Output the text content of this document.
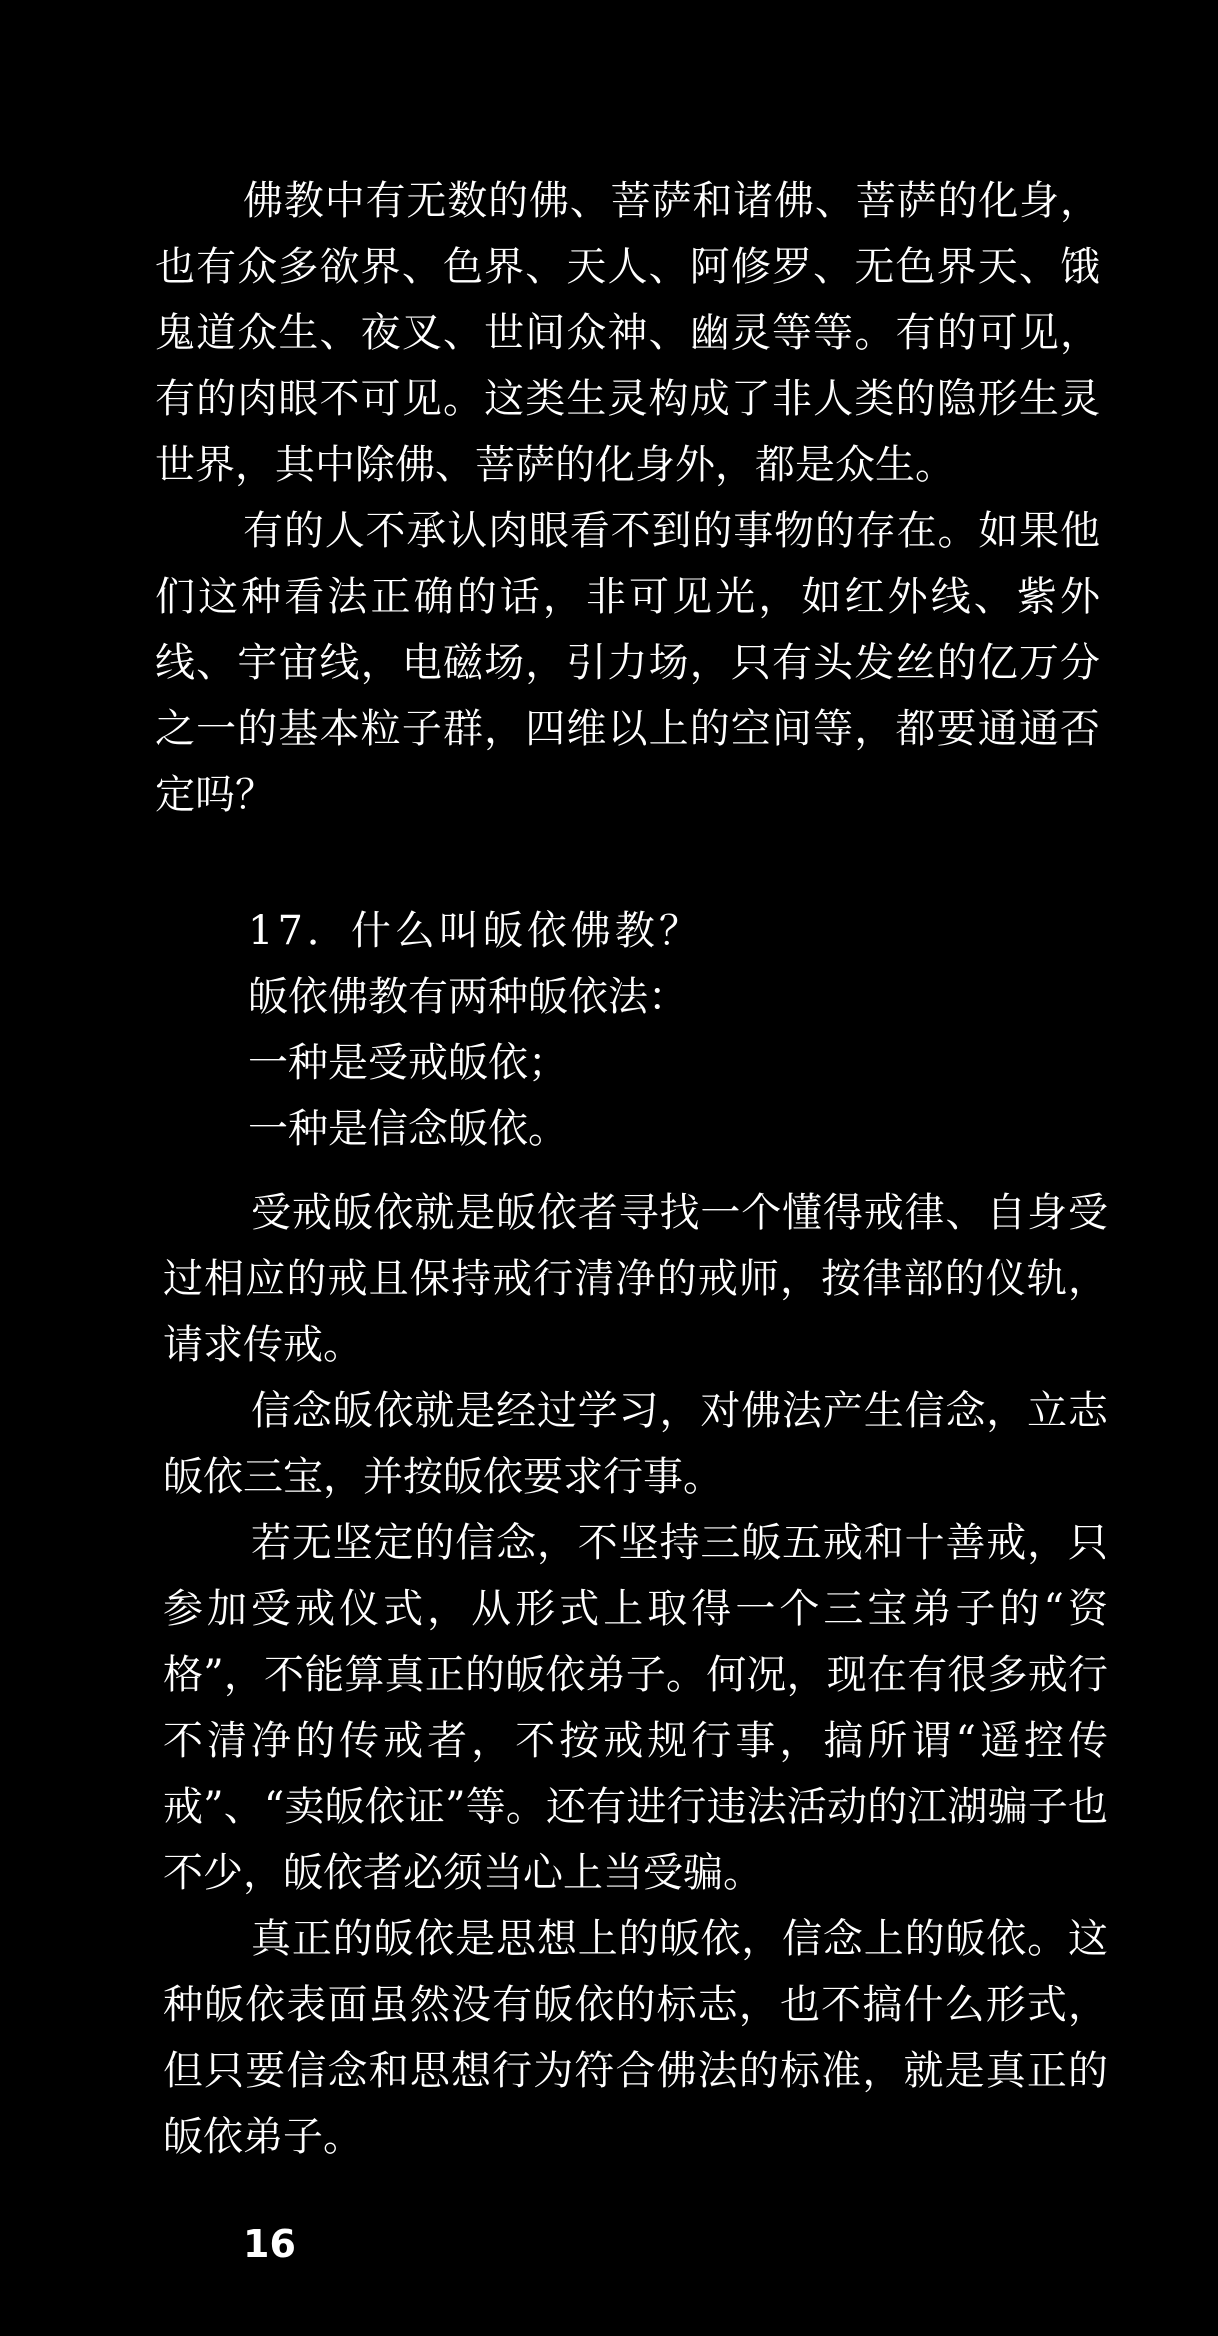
佛教中有无数的佛、菩萨和诸佛、菩萨的化身，也有众多欲界、色界、天人、阿修罗、无色界天、饿鬼道众生、夜叉、世间众神、幽灵等等。有的可见，有的肉眼不可见。这类生灵构成了非人类的隐形生灵世界，其中除佛、菩萨的化身外，都是众生。

有的人不承认肉眼看不到的事物的存在。如果他们这种看法正确的话，非可见光，如红外线、紫外线、宇宙线，电磁场，引力场，只有头发丝的亿万分之一的基本粒子群，四维以上的空间等，都要通通否定吗？

17．什么叫皈依佛教？

皈依佛教有两种皈依法：

一种是受戒皈依；

一种是信念皈依。

受戒皈依就是皈依者寻找一个懂得戒律、自身受过相应的戒且保持戒行清净的戒师，按律部的仪轨，请求传戒。

信念皈依就是经过学习，对佛法产生信念，立志皈依三宝，并按皈依要求行事。

若无坚定的信念，不坚持三皈五戒和十善戒，只参加受戒仪式，从形式上取得一个三宝弟子的“资格”，不能算真正的皈依弟子。何况，现在有很多戒行不清净的传戒者，不按戒规行事，搞所谓“遥控传戒”、“卖皈依证”等。还有进行违法活动的江湖骗子也不少，皈依者必须当心上当受骗。

真正的皈依是思想上的皈依，信念上的皈依。这种皈依表面虽然没有皈依的标志，也不搞什么形式，但只要信念和思想行为符合佛法的标准，就是真正的皈依弟子。

16
